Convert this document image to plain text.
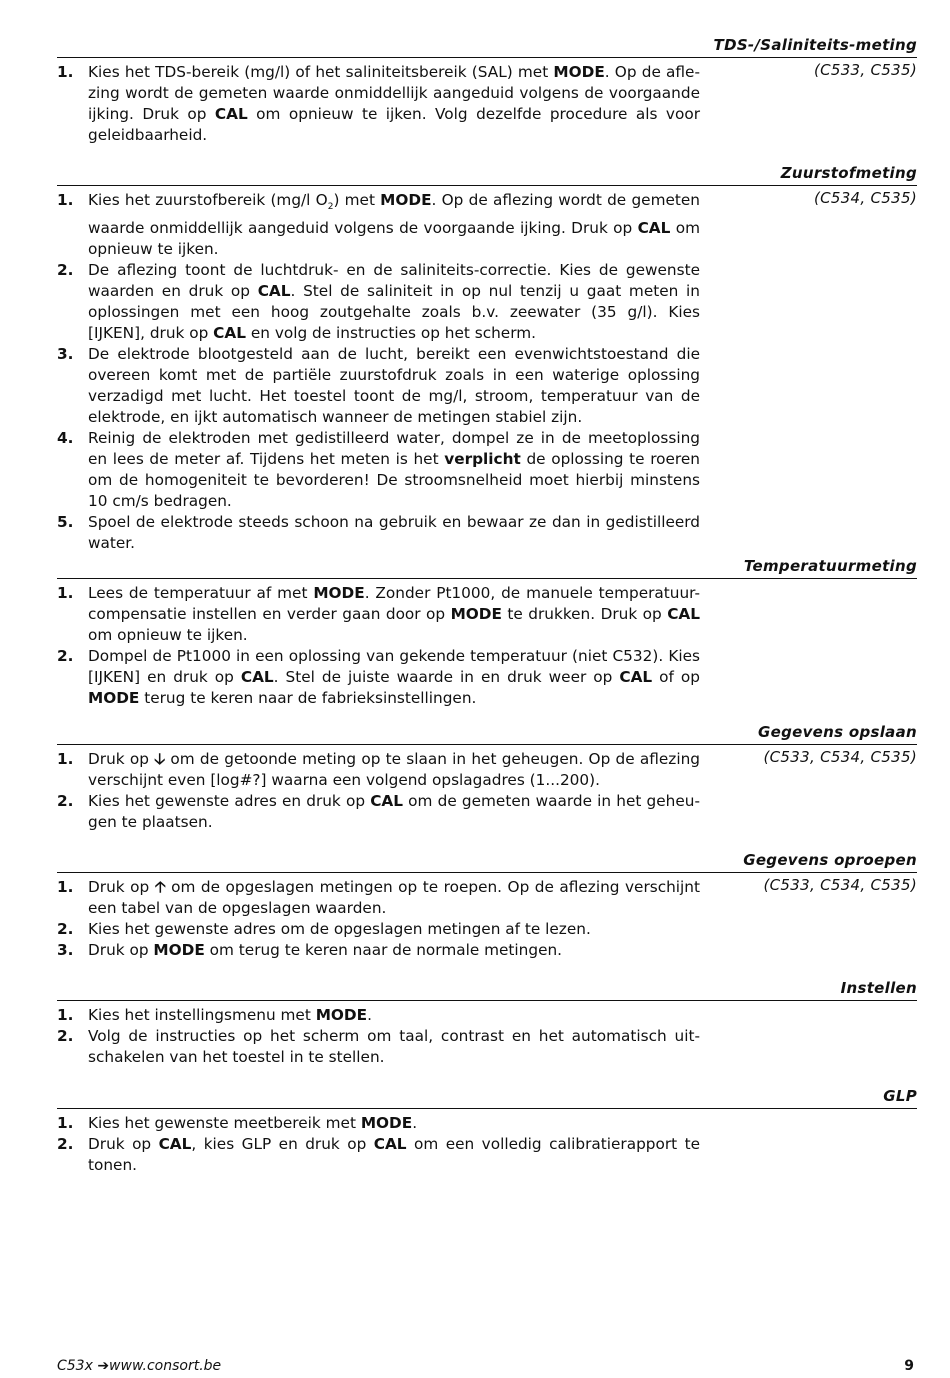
TDS-/Saliniteits-meting
(C533, C535)
1. Kies het TDS-bereik (mg/l) of het saliniteitsbereik (SAL) met MODE. Op de afle-zing wordt de gemeten waarde onmiddellijk aangeduid volgens de voorgaande ijking. Druk op CAL om opnieuw te ijken. Volg dezelfde procedure als voor geleidbaarheid.
Zuurstofmeting
(C534, C535)
1. Kies het zuurstofbereik (mg/l $O_2$) met MODE. Op de aflezing wordt de gemeten waarde onmiddellijk aangeduid volgens de voorgaande ijking. Druk op CAL om opnieuw te ijken.
2. De aflezing toont de luchtdruk- en de saliniteits-correctie. Kies de gewenste waarden en druk op CAL. Stel de saliniteit in op nul tenzij u gaat meten in oplossingen met een hoog zoutgehalte zoals b.v. zeewater (35 g/l). Kies [IJKEN], druk op CAL en volg de instructies op het scherm.
3. De elektrode blootgesteld aan de lucht, bereikt een evenwichtstoestand die overeen komt met de partiële zuurstofdruk zoals in een waterige oplossing verzadigd met lucht. Het toestel toont de mg/l, stroom, temperatuur van de elektrode, en ijkt automatisch wanneer de metingen stabiel zijn.
4. Reinig de elektroden met gedistilleerd water, dompel ze in de meetoplossing en lees de meter af. Tijdens het meten is het verplicht de oplossing te roeren om de homogeniteit te bevorderen! De stroomsnelheid moet hierbij minstens 10 cm/s bedragen.
5. Spoel de elektrode steeds schoon na gebruik en bewaar ze dan in gedistilleerd water.
Temperatuurmeting
1. Lees de temperatuur af met MODE. Zonder Pt1000, de manuele temperatuur-compensatie instellen en verder gaan door op MODE te drukken. Druk op CAL om opnieuw te ijken.
2. Dompel de Pt1000 in een oplossing van gekende temperatuur (niet C532). Kies [IJKEN] en druk op CAL. Stel de juiste waarde in en druk weer op CAL of op MODE terug te keren naar de fabrieksinstellingen.
Gegevens opslaan
(C533, C534, C535)
1. Druk op 🡣 om de getoonde meting op te slaan in het geheugen. Op de aflezing verschijnt even [log#?] waarna een volgend opslagadres (1...200).
2. Kies het gewenste adres en druk op CAL om de gemeten waarde in het geheu-gen te plaatsen.
Gegevens oproepen
(C533, C534, C535)
1. Druk op 🡡 om de opgeslagen metingen op te roepen. Op de aflezing verschijnt een tabel van de opgeslagen waarden.
2. Kies het gewenste adres om de opgeslagen metingen af te lezen.
3. Druk op MODE om terug te keren naar de normale metingen.
Instellen
1. Kies het instellingsmenu met MODE.
2. Volg de instructies op het scherm om taal, contrast en het automatisch uit-schakelen van het toestel in te stellen.
GLP
1. Kies het gewenste meetbereik met MODE.
2. Druk op CAL, kies GLP en druk op CAL om een volledig calibratierapport te tonen.
C53x ➔www.consort.be	9
